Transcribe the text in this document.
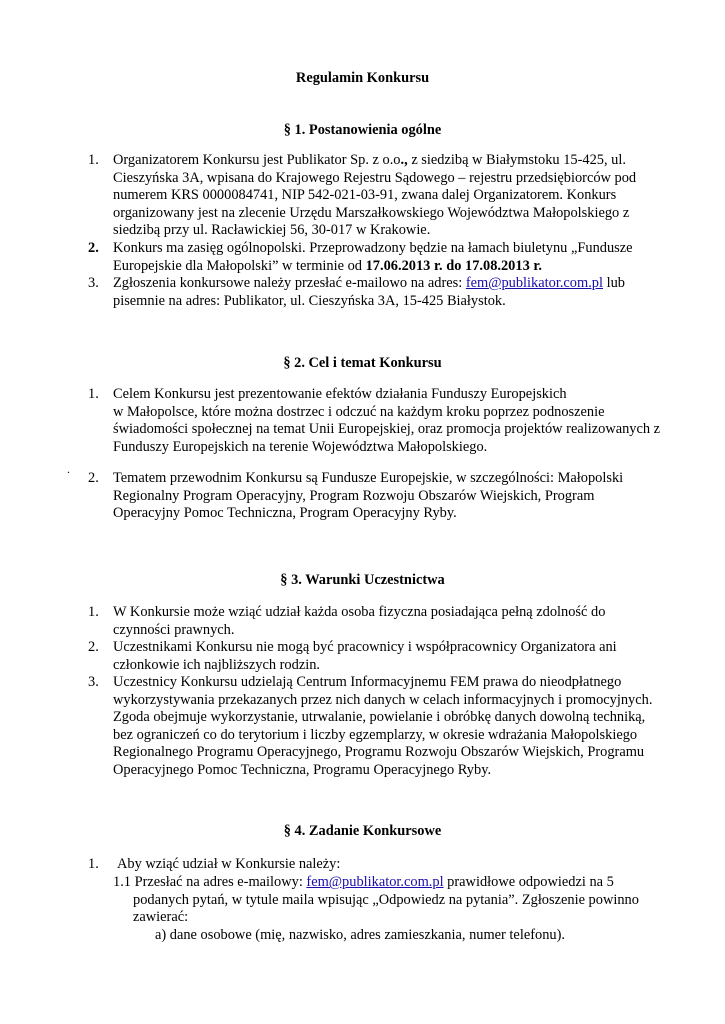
Regulamin Konkursu
§ 1. Postanowienia ogólne
1. Organizatorem Konkursu jest Publikator Sp. z o.o., z siedzibą w Białymstoku 15-425, ul. Cieszyńska 3A, wpisana do Krajowego Rejestru Sądowego – rejestru przedsiębiorców pod numerem KRS 0000084741, NIP 542-021-03-91, zwana dalej Organizatorem. Konkurs organizowany jest na zlecenie Urzędu Marszałkowskiego Województwa Małopolskiego z siedzibą przy ul. Racławickiej 56, 30-017 w Krakowie.
2. Konkurs ma zasięg ogólnopolski. Przeprowadzony będzie na łamach biuletynu „Fundusze Europejskie dla Małopolski” w terminie od 17.06.2013 r. do 17.08.2013 r.
3. Zgłoszenia konkursowe należy przesłać e-mailowo na adres: fem@publikator.com.pl lub pisemnie na adres: Publikator, ul. Cieszyńska 3A, 15-425 Białystok.
§ 2. Cel i temat Konkursu
1. Celem Konkursu jest prezentowanie efektów działania Funduszy Europejskich
w Małopolsce, które można dostrzec i odczuć na każdym kroku poprzez podnoszenie świadomości społecznej na temat Unii Europejskiej, oraz promocja projektów realizowanych z Funduszy Europejskich na terenie Województwa Małopolskiego.
.
2. Tematem przewodnim Konkursu są Fundusze Europejskie, w szczególności: Małopolski Regionalny Program Operacyjny, Program Rozwoju Obszarów Wiejskich, Program Operacyjny Pomoc Techniczna, Program Operacyjny Ryby.
§ 3. Warunki Uczestnictwa
1. W Konkursie może wziąć udział każda osoba fizyczna posiadająca pełną zdolność do czynności prawnych.
2. Uczestnikami Konkursu nie mogą być pracownicy i współpracownicy Organizatora ani członkowie ich najbliższych rodzin.
3. Uczestnicy Konkursu udzielają Centrum Informacyjnemu FEM prawa do nieodpłatnego wykorzystywania przekazanych przez nich danych w celach informacyjnych i promocyjnych. Zgoda obejmuje wykorzystanie, utrwalanie, powielanie i obróbkę danych dowolną techniką, bez ograniczeń co do terytorium i liczby egzemplarzy, w okresie wdrażania Małopolskiego Regionalnego Programu Operacyjnego, Programu Rozwoju Obszarów Wiejskich, Programu Operacyjnego Pomoc Techniczna, Programu Operacyjnego Ryby.
§ 4. Zadanie Konkursowe
1. Aby wziąć udział w Konkursie należy:
1.1 Przesłać na adres e-mailowy: fem@publikator.com.pl prawidłowe odpowiedzi na 5
podanych pytań, w tytule maila wpisując „Odpowiedz na pytania”. Zgłoszenie powinno zawierać:
a) dane osobowe (mię, nazwisko, adres zamieszkania, numer telefonu).
